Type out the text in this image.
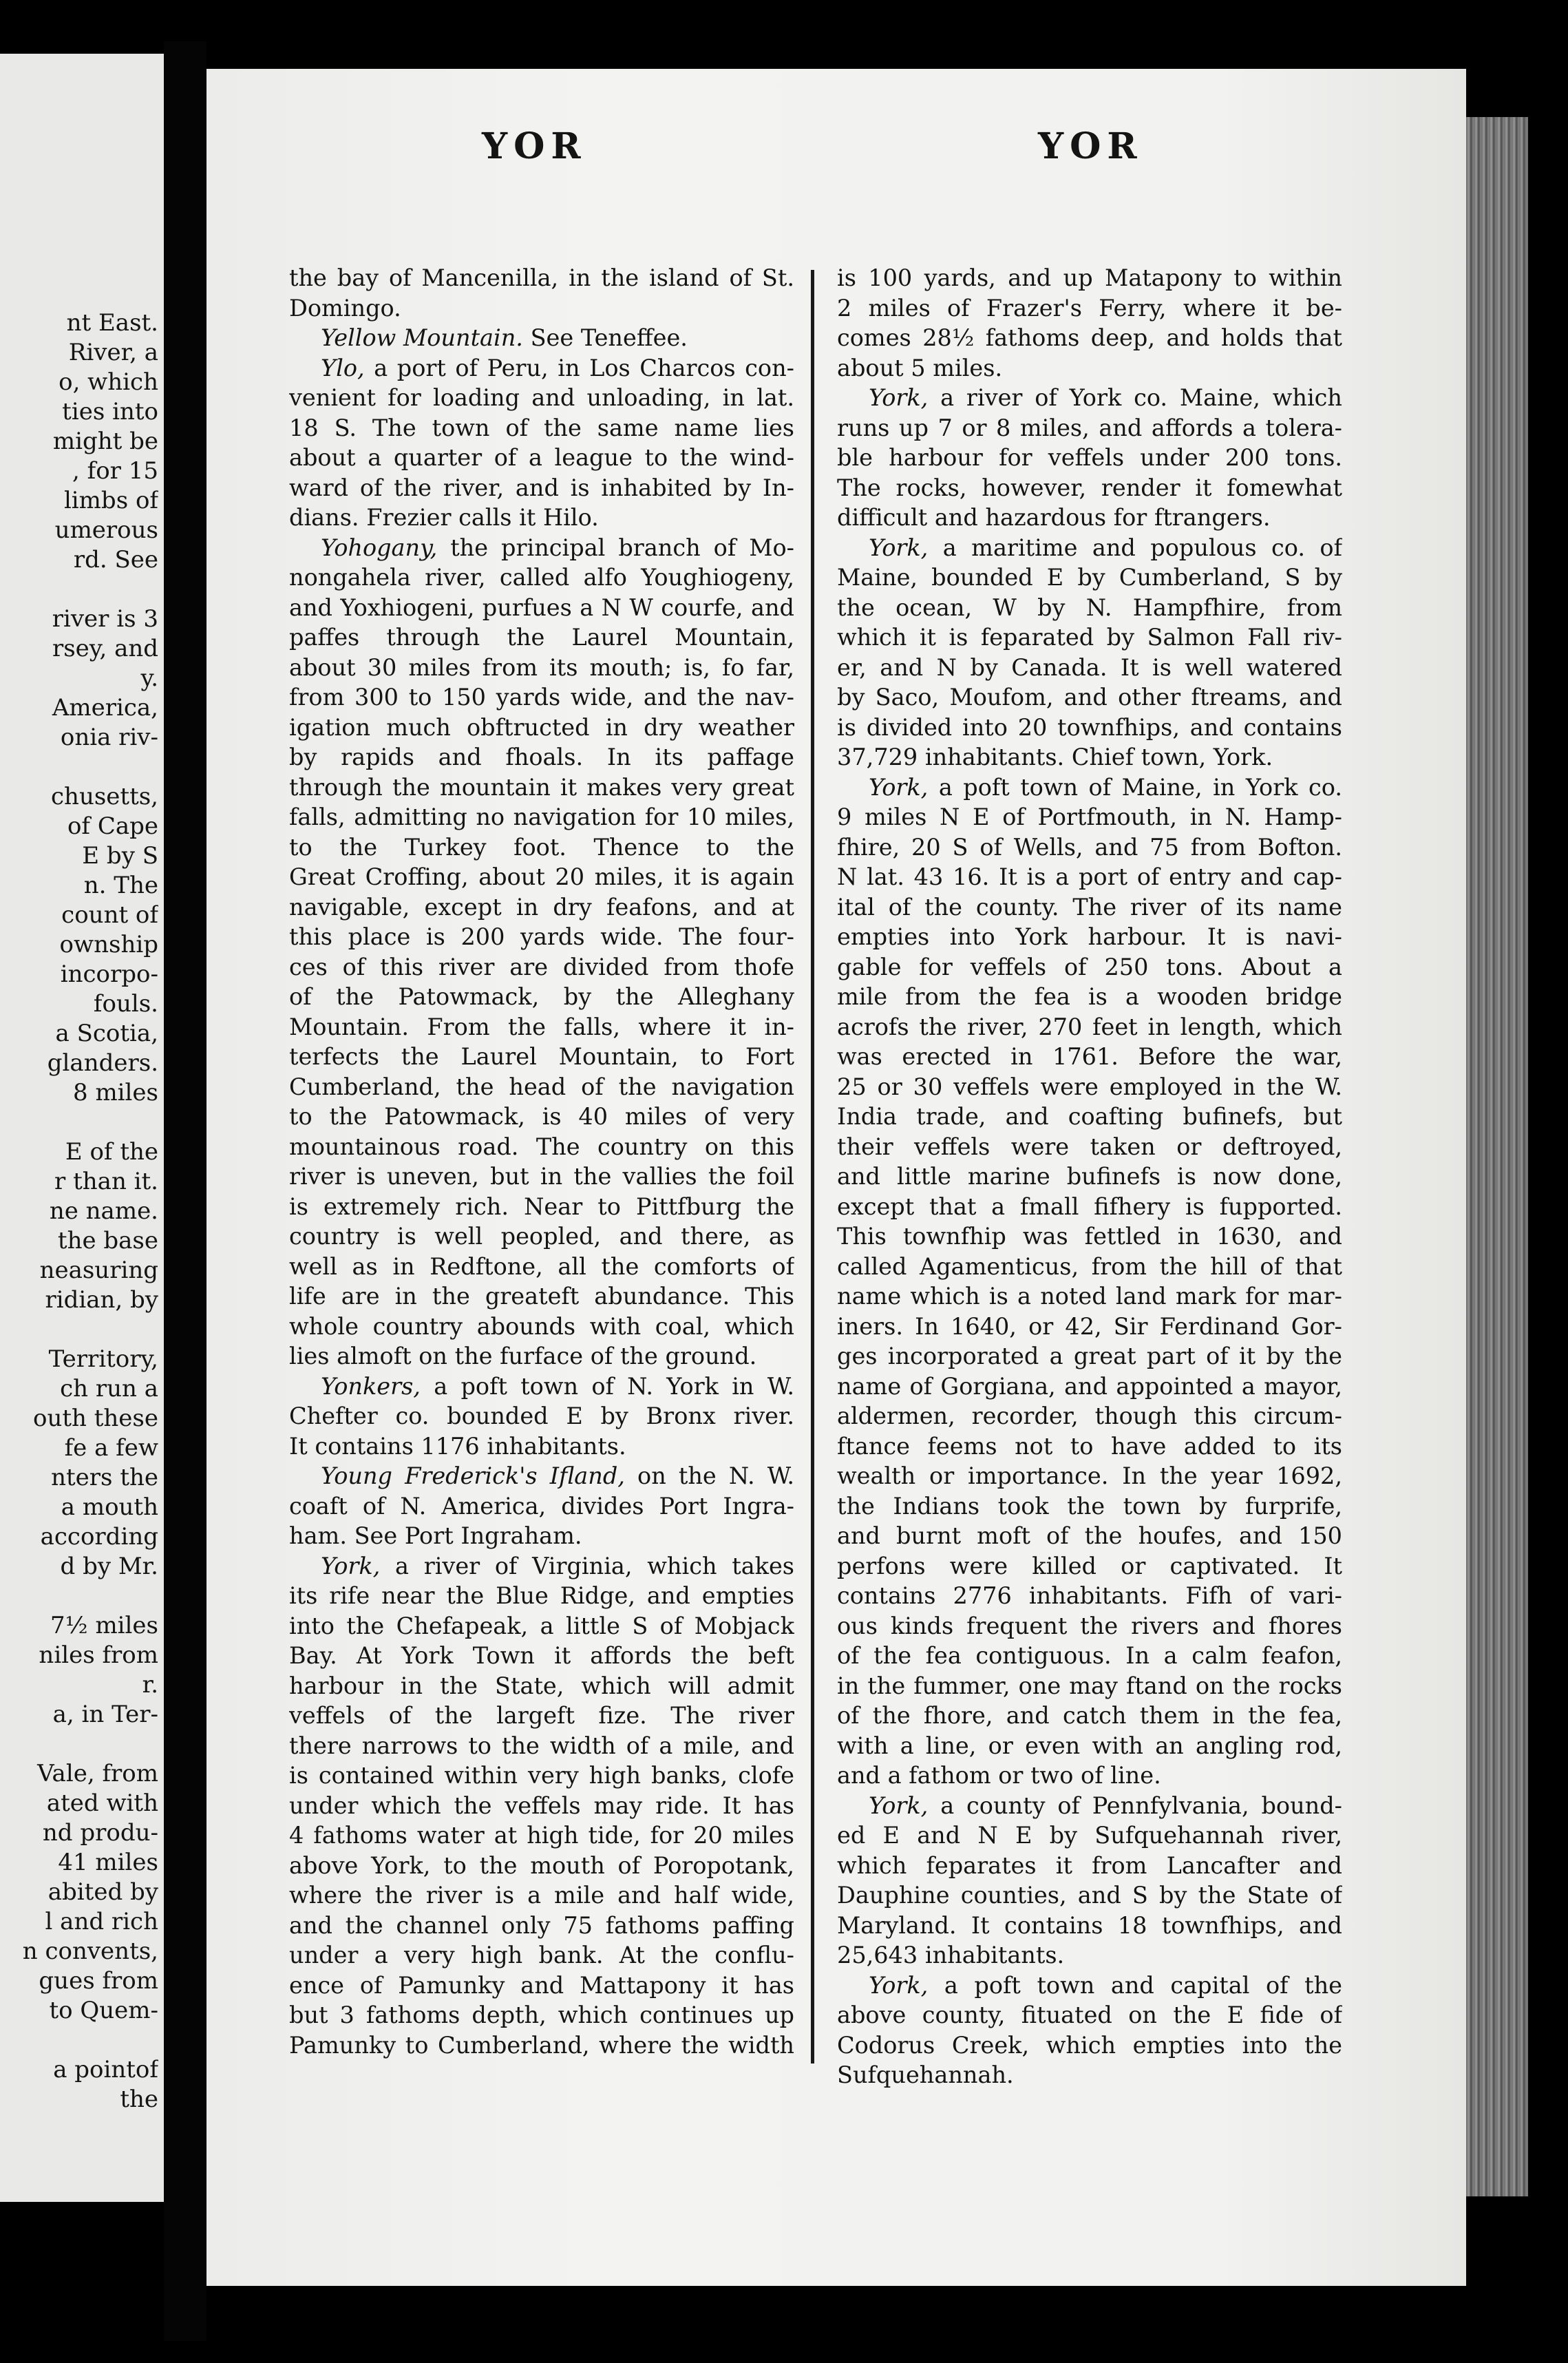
nt East.
River, a
o, which
ties into
might be
, for 15
limbs of
umerous
rd. See
river is 3
rsey, and
y.
America,
onia riv-
chusetts,
of Cape
E by S
n. The
count of
ownship
incorpo-
fouls.
a Scotia,
glanders.
8 miles
E of the
r than it.
ne name.
the base
neasuring
ridian, by
Territory,
ch run a
outh these
fe a few
nters the
a mouth
according
d by Mr.
7½ miles
niles from
r.
a, in Ter-
Vale, from
ated with
nd produ-
41 miles
abited by
l and rich
n convents,
gues from
to Quem-
a pointof
the
YOR	YOR
the bay of Mancenilla, in the island of St.
Domingo.
Yellow Mountain. See Teneffee.
Ylo, a port of Peru, in Los Charcos con-
venient for loading and unloading, in lat.
18 S. The town of the same name lies
about a quarter of a league to the wind-
ward of the river, and is inhabited by In-
dians. Frezier calls it Hilo.
Yohogany, the principal branch of Mo-
nongahela river, called alfo Youghiogeny,
and Yoxhiogeni, purfues a N W courfe, and
paffes through the Laurel Mountain,
about 30 miles from its mouth; is, fo far,
from 300 to 150 yards wide, and the nav-
igation much obftructed in dry weather
by rapids and fhoals. In its paffage
through the mountain it makes very great
falls, admitting no navigation for 10 miles,
to the Turkey foot. Thence to the
Great Croffing, about 20 miles, it is again
navigable, except in dry feafons, and at
this place is 200 yards wide. The four-
ces of this river are divided from thofe
of the Patowmack, by the Alleghany
Mountain. From the falls, where it in-
terfects the Laurel Mountain, to Fort
Cumberland, the head of the navigation
to the Patowmack, is 40 miles of very
mountainous road. The country on this
river is uneven, but in the vallies the foil
is extremely rich. Near to Pittfburg the
country is well peopled, and there, as
well as in Redftone, all the comforts of
life are in the greateft abundance. This
whole country abounds with coal, which
lies almoft on the furface of the ground.
Yonkers, a poft town of N. York in W.
Chefter co. bounded E by Bronx river.
It contains 1176 inhabitants.
Young Frederick's Ifland, on the N. W.
coaft of N. America, divides Port Ingra-
ham. See Port Ingraham.
York, a river of Virginia, which takes
its rife near the Blue Ridge, and empties
into the Chefapeak, a little S of Mobjack
Bay. At York Town it affords the beft
harbour in the State, which will admit
veffels of the largeft fize. The river
there narrows to the width of a mile, and
is contained within very high banks, clofe
under which the veffels may ride. It has
4 fathoms water at high tide, for 20 miles
above York, to the mouth of Poropotank,
where the river is a mile and half wide,
and the channel only 75 fathoms paffing
under a very high bank. At the conflu-
ence of Pamunky and Mattapony it has
but 3 fathoms depth, which continues up
Pamunky to Cumberland, where the width
is 100 yards, and up Matapony to within
2 miles of Frazer's Ferry, where it be-
comes 28½ fathoms deep, and holds that
about 5 miles.
York, a river of York co. Maine, which
runs up 7 or 8 miles, and affords a tolera-
ble harbour for veffels under 200 tons.
The rocks, however, render it fomewhat
difficult and hazardous for ftrangers.
York, a maritime and populous co. of
Maine, bounded E by Cumberland, S by
the ocean, W by N. Hampfhire, from
which it is feparated by Salmon Fall riv-
er, and N by Canada. It is well watered
by Saco, Moufom, and other ftreams, and
is divided into 20 townfhips, and contains
37,729 inhabitants. Chief town, York.
York, a poft town of Maine, in York co.
9 miles N E of Portfmouth, in N. Hamp-
fhire, 20 S of Wells, and 75 from Bofton.
N lat. 43 16. It is a port of entry and cap-
ital of the county. The river of its name
empties into York harbour. It is navi-
gable for veffels of 250 tons. About a
mile from the fea is a wooden bridge
acrofs the river, 270 feet in length, which
was erected in 1761. Before the war,
25 or 30 veffels were employed in the W.
India trade, and coafting bufinefs, but
their veffels were taken or deftroyed,
and little marine bufinefs is now done,
except that a fmall fifhery is fupported.
This townfhip was fettled in 1630, and
called Agamenticus, from the hill of that
name which is a noted land mark for mar-
iners. In 1640, or 42, Sir Ferdinand Gor-
ges incorporated a great part of it by the
name of Gorgiana, and appointed a mayor,
aldermen, recorder, though this circum-
ftance feems not to have added to its
wealth or importance. In the year 1692,
the Indians took the town by furprife,
and burnt moft of the houfes, and 150
perfons were killed or captivated. It
contains 2776 inhabitants. Fifh of vari-
ous kinds frequent the rivers and fhores
of the fea contiguous. In a calm feafon,
in the fummer, one may ftand on the rocks
of the fhore, and catch them in the fea,
with a line, or even with an angling rod,
and a fathom or two of line.
York, a county of Pennfylvania, bound-
ed E and N E by Sufquehannah river,
which feparates it from Lancafter and
Dauphine counties, and S by the State of
Maryland. It contains 18 townfhips, and
25,643 inhabitants.
York, a poft town and capital of the
above county, fituated on the E fide of
Codorus Creek, which empties into the
Sufquehannah.
